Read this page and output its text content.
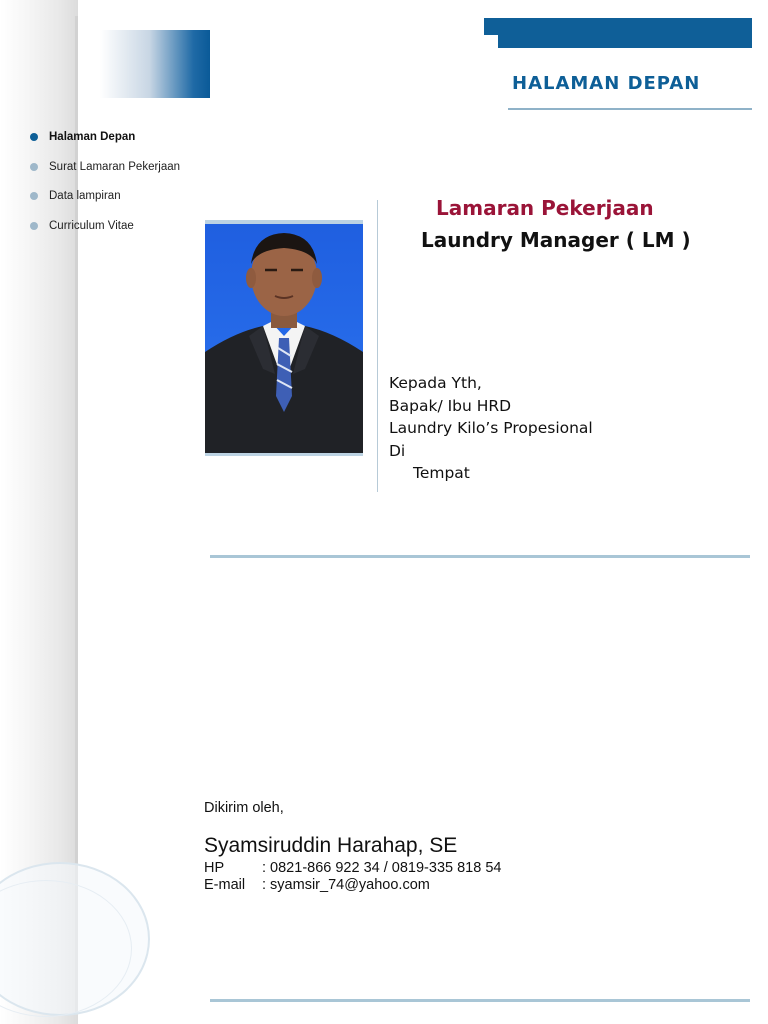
HALAMAN DEPAN
Halaman Depan
Surat Lamaran Pekerjaan
Data lampiran
Curriculum Vitae
Lamaran Pekerjaan
Laundry Manager ( LM )
Kepada Yth,
Bapak/ Ibu HRD
Laundry Kilo’s Propesional
Di
Tempat
Dikirim oleh,
Syamsiruddin Harahap, SE
HP	: 0821-866 922 34 / 0819-335 818 54
E-mail : syamsir_74@yahoo.com
